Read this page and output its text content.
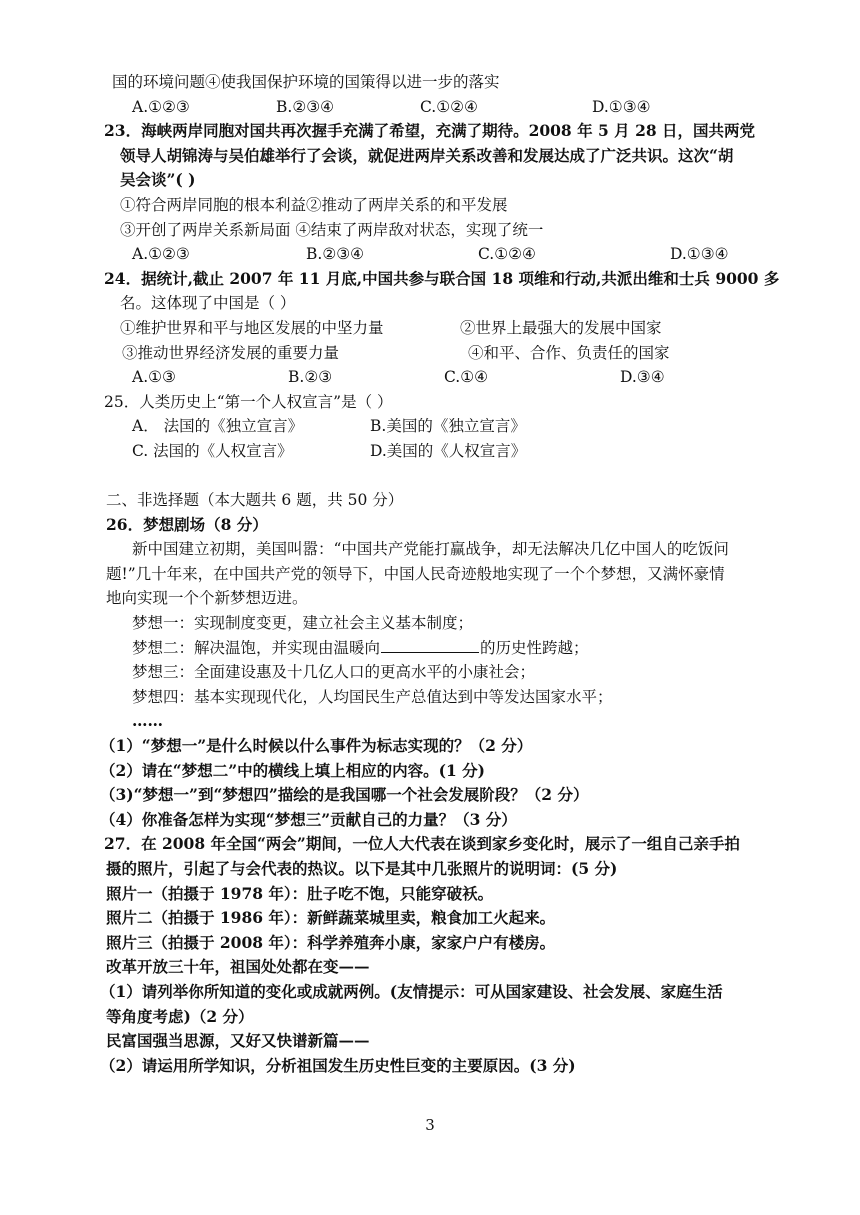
国的环境问题④使我国保护环境的国策得以进一步的落实
A.①②③	B.②③④	C.①②④	D.①③④
23．海峡两岸同胞对国共再次握手充满了希望，充满了期待。2008 年 5 月 28 日，国共两党
领导人胡锦涛与吴伯雄举行了会谈，就促进两岸关系改善和发展达成了广泛共识。这次“胡
吴会谈”( )
①符合两岸同胞的根本利益②推动了两岸关系的和平发展
③开创了两岸关系新局面 ④结束了两岸敌对状态，实现了统一
A.①②③	B.②③④	C.①②④	D.①③④
24．据统计,截止 2007 年 11 月底,中国共参与联合国 18 项维和行动,共派出维和士兵 9000 多
名。这体现了中国是（ ）
①维护世界和平与地区发展的中坚力量	②世界上最强大的发展中国家
③推动世界经济发展的重要力量	④和平、合作、负责任的国家
A.①③	B.②③	C.①④	D.③④
25．人类历史上“第一个人权宣言”是（ ）
A． 法国的《独立宣言》	B.美国的《独立宣言》
C. 法国的《人权宣言》	D.美国的《人权宣言》
二、非选择题（本大题共 6 题，共 50 分）
26．梦想剧场（8 分）
新中国建立初期，美国叫嚣：“中国共产党能打赢战争，却无法解决几亿中国人的吃饭问
题!”几十年来，在中国共产党的领导下，中国人民奇迹般地实现了一个个梦想，又满怀豪情
地向实现一个个新梦想迈进。
梦想一：实现制度变更，建立社会主义基本制度；
梦想二：解决温饱，并实现由温暖向	的历史性跨越；
梦想三：全面建设惠及十几亿人口的更高水平的小康社会；
梦想四：基本实现现代化，人均国民生产总值达到中等发达国家水平；
……
（1）“梦想一”是什么时候以什么事件为标志实现的？（2 分）
（2）请在“梦想二”中的横线上填上相应的内容。(1 分)
（3)“梦想一”到“梦想四”描绘的是我国哪一个社会发展阶段？（2 分）
（4）你准备怎样为实现“梦想三”贡献自己的力量？（3 分）
27．在 2008 年全国“两会”期间，一位人大代表在谈到家乡变化时，展示了一组自己亲手拍
摄的照片，引起了与会代表的热议。以下是其中几张照片的说明词：(5 分)
照片一（拍摄于 1978 年）：肚子吃不饱，只能穿破袄。
照片二（拍摄于 1986 年）：新鲜蔬菜城里卖，粮食加工火起来。
照片三（拍摄于 2008 年）：科学养殖奔小康，家家户户有楼房。
改革开放三十年，祖国处处都在变——
（1）请列举你所知道的变化或成就两例。(友情提示：可从国家建设、社会发展、家庭生活
等角度考虑)（2 分）
民富国强当思源，又好又快谱新篇——
（2）请运用所学知识，分析祖国发生历史性巨变的主要原因。(3 分)
3
